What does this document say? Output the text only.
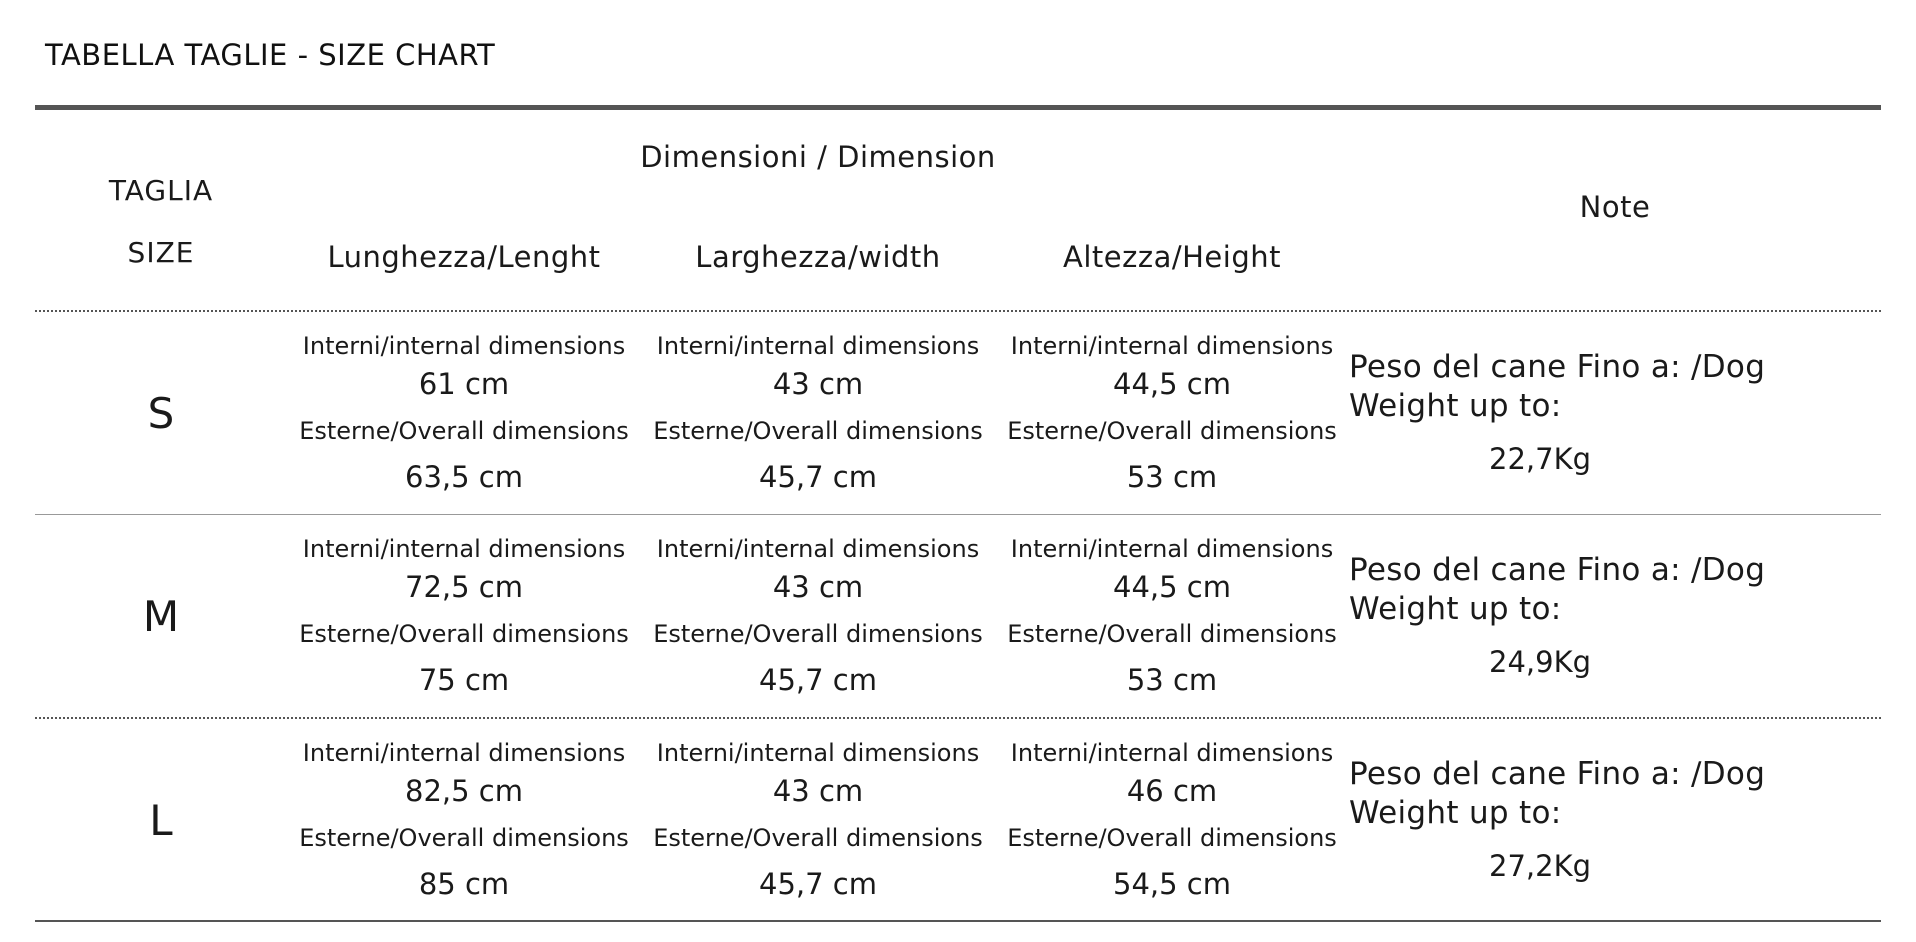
TABELLA TAGLIE - SIZE CHART
TAGLIA
SIZE
Dimensioni / Dimension
Lunghezza/Lenght	Larghezza/width	Altezza/Height
Note
S
Interni/internal dimensions
61 cm
Esterne/Overall dimensions
63,5 cm
Interni/internal dimensions
43 cm
Esterne/Overall dimensions
45,7 cm
Interni/internal dimensions
44,5 cm
Esterne/Overall dimensions
53 cm
Peso del cane Fino a: /Dog Weight up to:
22,7Kg
M
Interni/internal dimensions
72,5 cm
Esterne/Overall dimensions
75 cm
Interni/internal dimensions
43 cm
Esterne/Overall dimensions
45,7 cm
Interni/internal dimensions
44,5 cm
Esterne/Overall dimensions
53 cm
Peso del cane Fino a: /Dog Weight up to:
24,9Kg
L
Interni/internal dimensions
82,5 cm
Esterne/Overall dimensions
85 cm
Interni/internal dimensions
43 cm
Esterne/Overall dimensions
45,7 cm
Interni/internal dimensions
46 cm
Esterne/Overall dimensions
54,5 cm
Peso del cane Fino a: /Dog Weight up to:
27,2Kg
